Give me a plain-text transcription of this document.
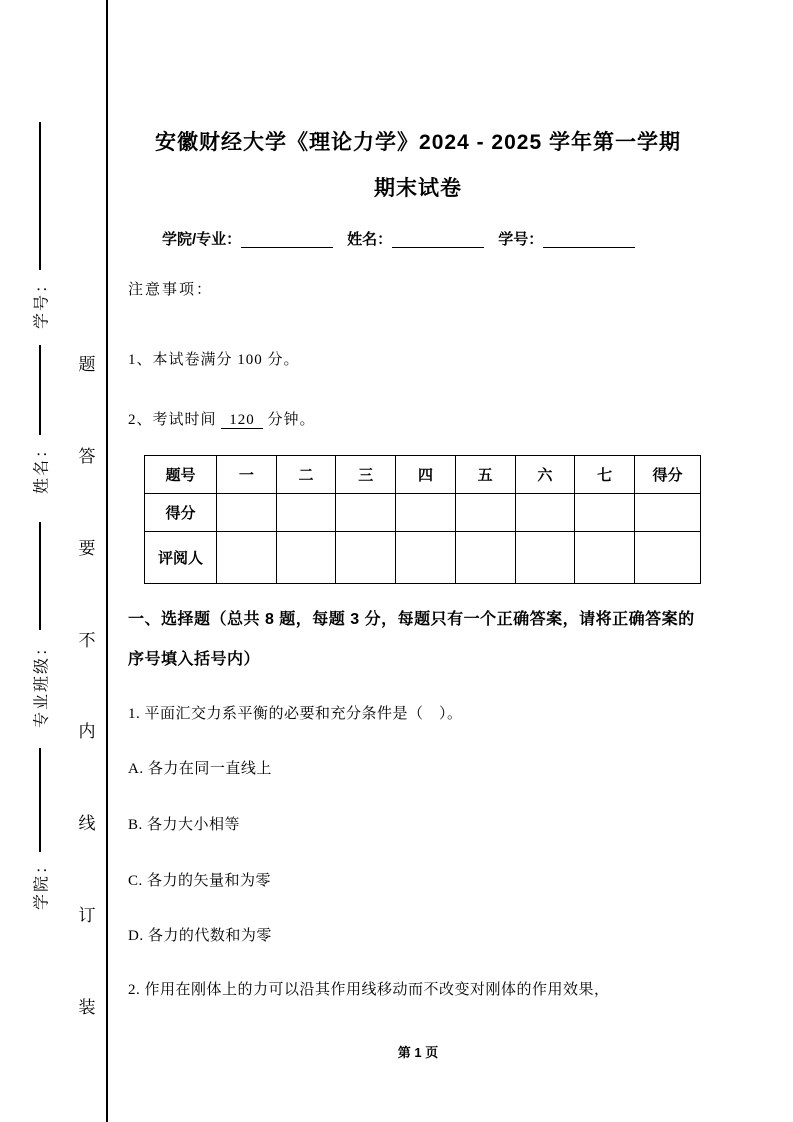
学号：
姓名：
专业班级：
学院：
题
答
要
不
内
线
订
装
安徽财经大学《理论力学》2024 - 2025 学年第一学期
期末试卷
学院/专业：	姓名：	学号：
注意事项：
1、本试卷满分 100 分。
2、考试时间 120 分钟。
题号	一	二	三	四	五	六	七	得分
得分								
评阅人								
一、选择题（总共 8 题，每题 3 分，每题只有一个正确答案，请将正确答案的序号填入括号内）
1. 平面汇交力系平衡的必要和充分条件是（　）。
A. 各力在同一直线上
B. 各力大小相等
C. 各力的矢量和为零
D. 各力的代数和为零
2. 作用在刚体上的力可以沿其作用线移动而不改变对刚体的作用效果，
第 1 页
